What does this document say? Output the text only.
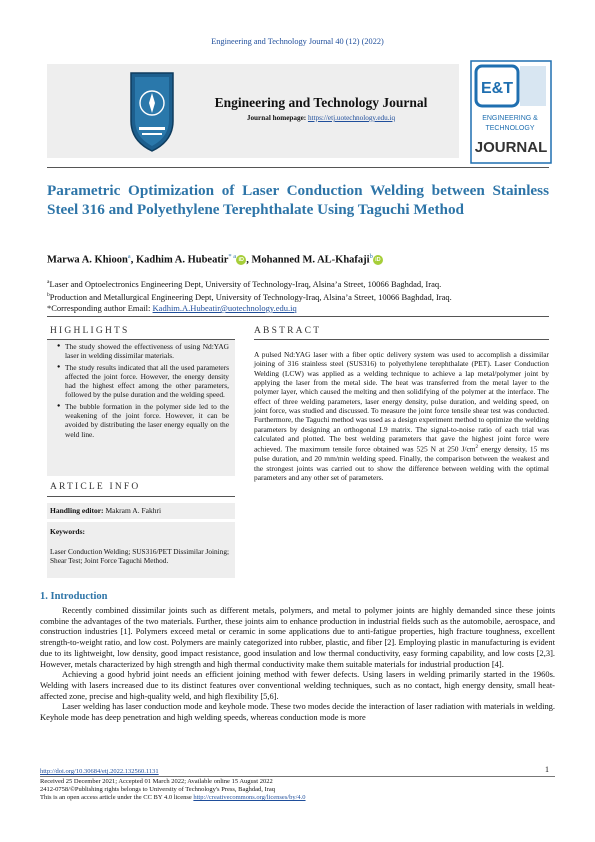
Engineering and Technology Journal 40 (12) (2022)
Engineering and Technology Journal
Journal homepage: https://etj.uotechnology.edu.iq
E&T
ENGINEERING &
TECHNOLOGY
JOURNAL
Parametric Optimization of Laser Conduction Welding between Stainless Steel 316 and Polyethylene Terephthalate Using Taguchi Method
Marwa A. Khioon$^a$, Kadhim A. Hubeatir$^{* a}$ iD , Mohanned M. AL-Khafaji$^b$ iD
$^a$Laser and Optoelectronics Engineering Dept, University of Technology-Iraq, Alsina’a Street, 10066 Baghdad, Iraq.
$^b$Production and Metallurgical Engineering Dept, University of Technology-Iraq, Alsina’a Street, 10066 Baghdad, Iraq.
*Corresponding author Email: Kadhim.A.Hubeatir@uotechnology.edu.iq
HIGHLIGHTS
● The study showed the effectiveness of using Nd:YAG laser in welding dissimilar materials.
● The study results indicated that all the used parameters affected the joint force. However, the energy density had the highest effect among the other parameters, followed by the pulse duration and the welding speed.
● The bubble formation in the polymer side led to the weakening of the joint force. However, it can be avoided by distributing the laser energy equally on the weld line.
ARTICLE INFO
Handling editor: Makram A. Fakhri
Keywords:
Laser Conduction Welding; SUS316/PET Dissimilar Joining; Shear Test; Joint Force Taguchi Method.
ABSTRACT
A pulsed Nd:YAG laser with a fiber optic delivery system was used to accomplish a dissimilar joining of 316 stainless steel (SUS316) to polyethylene terephthalate (PET). Laser Conduction Welding (LCW) was applied as a welding technique to achieve a lap metal/polymer joint by applying the laser from the metal side. The heat was transferred from the metal layer to the polymer layer, which caused the melting and then solidifying of the polymer at the interface. The effect of three welding parameters, laser energy density, pulse duration, and welding speed, on joint force, was studied and discussed. To measure the joint force tensile shear test was conducted. Furthermore, the Taguchi method was used as a design experiment method to optimize the welding parameters by designing an orthogonal L9 matrix. The signal-to-noise ratio of each trial was calculated and plotted. The best welding parameters that gave the highest joint force were achieved. The maximum tensile force obtained was 525 N at 250 $J/cm^2$ energy density, 15 ms pulse duration, and 20 mm/min welding speed. Finally, the comparison between the weakest and the strongest joints was carried out to show the difference between welding with the optimal parameters and any other set of parameters.
1. Introduction

Recently combined dissimilar joints such as different metals, polymers, and metal to polymer joints are highly demanded since these joints combine the advantages of the two materials. Further, these joints aim to enhance production in industrial fields such as the automobile, aerospace, and construction industries [1]. Polymers exceed metal or ceramic in some applications due to anti-fatigue properties, high fracture toughness, excellent strength-to-weight ratio, and low cost. Polymers are mainly categorized into rubber, plastic, and fiber [2]. Employing plastic in manufacturing is evident due to its lightweight, low density, good impact resistance, good insulation and low thermal conductivity, easy forming capability, and low costs [2,3]. However, metals characterized by high strength and high thermal conductivity make them suitable materials for industrial production [4].

Achieving a good hybrid joint needs an efficient joining method with fewer defects. Using lasers in welding primarily started in the 1960s. Welding with lasers increased due to its distinct features over conventional welding techniques, such as no contact, high energy density, small heat-affected zone, precise and high-quality weld, and high flexibility [5,6].

Laser welding has laser conduction mode and keyhole mode. These two modes decide the interaction of laser radiation with materials in welding. Keyhole mode has deep penetration and high welding speeds, whereas conduction mode is more

1
http://doi.org/10.30684/etj.2022.132560.1131
Received 25 December 2021; Accepted 01 March 2022; Available online 15 August 2022
2412-0758/©Publishing rights belongs to University of Technology's Press, Baghdad, Iraq
This is an open access article under the CC BY 4.0 license http://creativecommons.org/licenses/by/4.0
